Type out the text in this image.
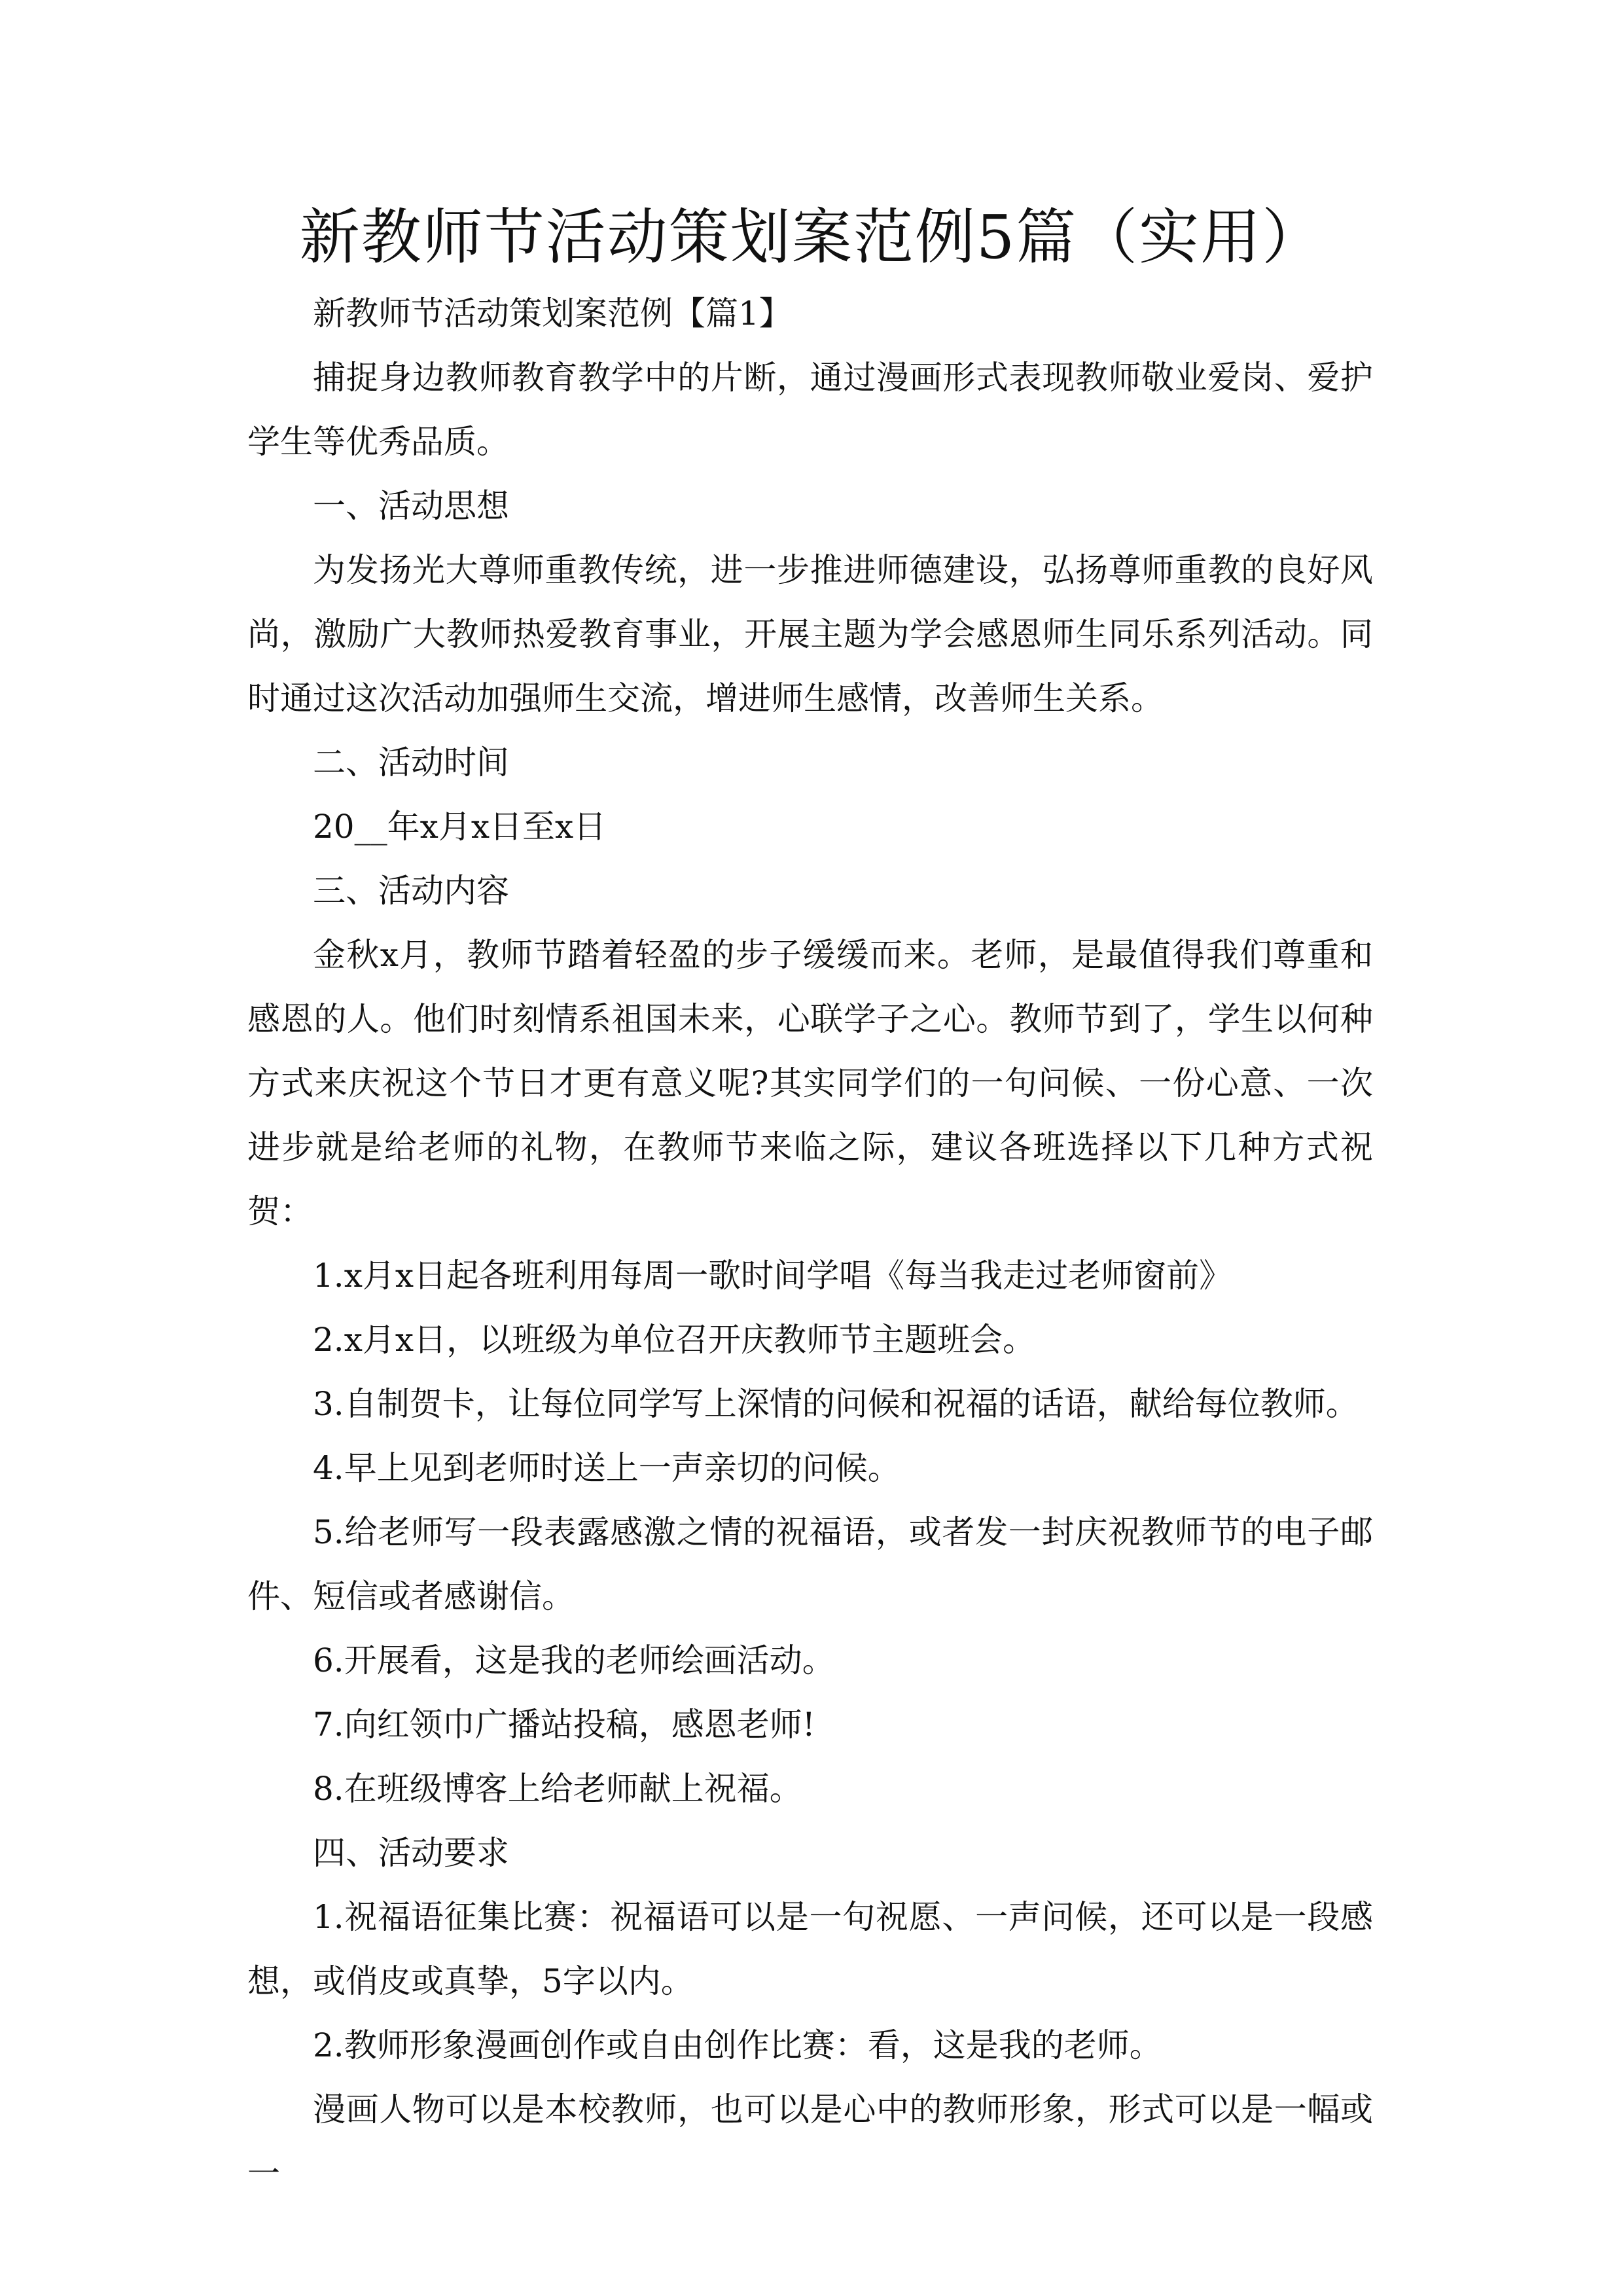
新教师节活动策划案范例5篇（实用）

新教师节活动策划案范例【篇1】

捕捉身边教师教育教学中的片断，通过漫画形式表现教师敬业爱岗、爱护学生等优秀品质。

一、活动思想

为发扬光大尊师重教传统，进一步推进师德建设，弘扬尊师重教的良好风尚，激励广大教师热爱教育事业，开展主题为学会感恩师生同乐系列活动。同时通过这次活动加强师生交流，增进师生感情，改善师生关系。

二、活动时间

20__年x月x日至x日

三、活动内容

金秋x月，教师节踏着轻盈的步子缓缓而来。老师，是最值得我们尊重和感恩的人。他们时刻情系祖国未来，心联学子之心。教师节到了，学生以何种方式来庆祝这个节日才更有意义呢?其实同学们的一句问候、一份心意、一次进步就是给老师的礼物，在教师节来临之际，建议各班选择以下几种方式祝贺：

1.x月x日起各班利用每周一歌时间学唱《每当我走过老师窗前》

2.x月x日，以班级为单位召开庆教师节主题班会。

3.自制贺卡，让每位同学写上深情的问候和祝福的话语，献给每位教师。

4.早上见到老师时送上一声亲切的问候。

5.给老师写一段表露感激之情的祝福语，或者发一封庆祝教师节的电子邮件、短信或者感谢信。

6.开展看，这是我的老师绘画活动。

7.向红领巾广播站投稿，感恩老师!

8.在班级博客上给老师献上祝福。

四、活动要求

1.祝福语征集比赛：祝福语可以是一句祝愿、一声问候，还可以是一段感想，或俏皮或真挚，5字以内。

2.教师形象漫画创作或自由创作比赛：看，这是我的老师。

漫画人物可以是本校教师，也可以是心中的教师形象，形式可以是一幅或一
